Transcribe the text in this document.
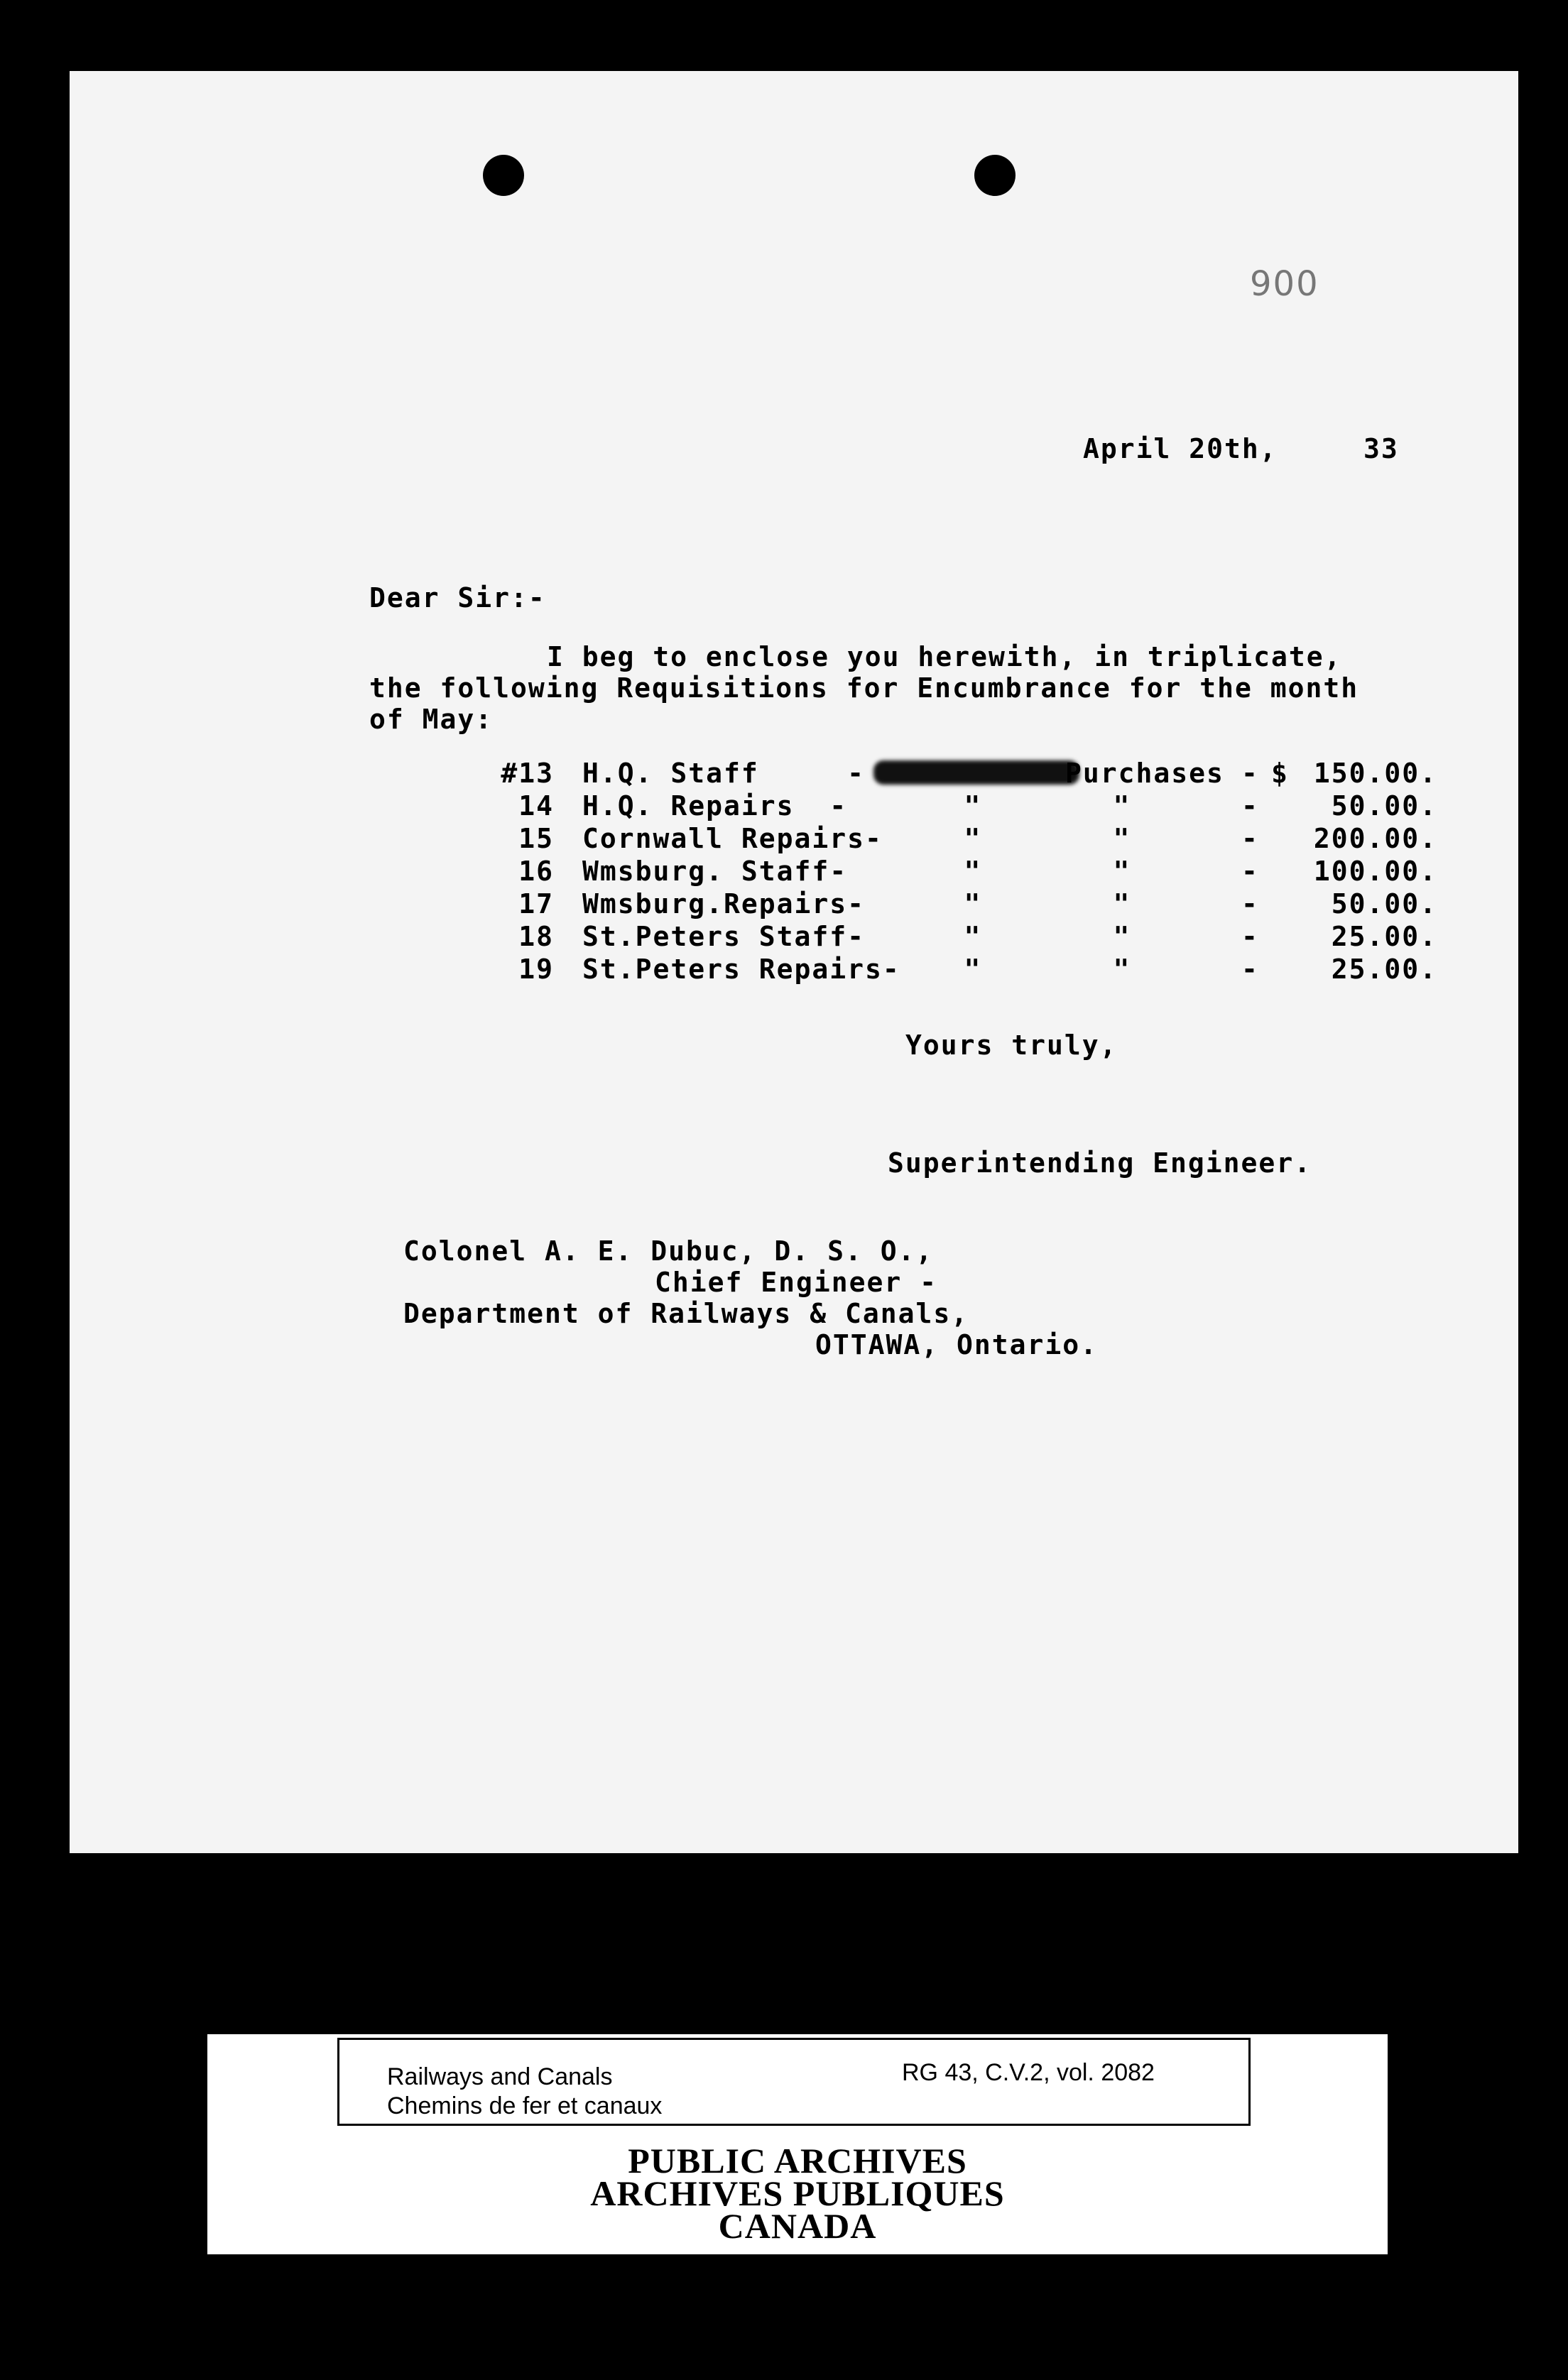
900
April 20th,	33
Dear Sir:-
I beg to enclose you herewith, in triplicate,
the following Requisitions for Encumbrance for the month
of May:
#13 H.Q. Staff     -	Purchases - $ 150.00.
14 H.Q. Repairs  -	"	"	-	50.00.
15 Cornwall Repairs-	"	"	-	200.00.
16 Wmsburg. Staff-	"	"	-	100.00.
17 Wmsburg.Repairs-	"	"	-	50.00.
18 St.Peters Staff-	"	"	-	25.00.
19 St.Peters Repairs-	"	"	-	25.00.
Yours truly,
Superintending Engineer.
Colonel A. E. Dubuc, D. S. O.,
Chief Engineer -
Department of Railways & Canals,
OTTAWA, Ontario.
Railways and Canals
Chemins de fer et canaux
RG 43, C.V.2, vol. 2082
PUBLIC ARCHIVES
ARCHIVES PUBLIQUES
CANADA
